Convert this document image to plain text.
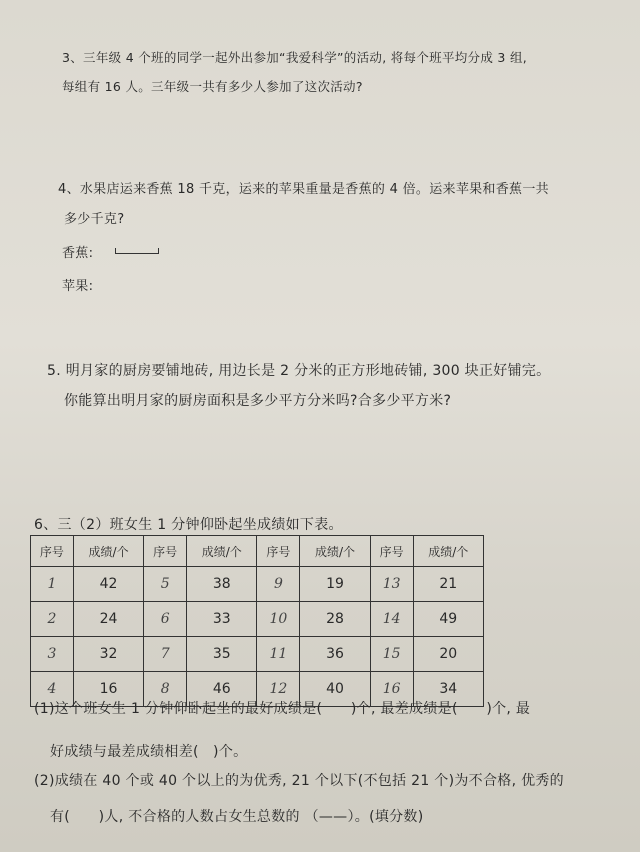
3、三年级 4 个班的同学一起外出参加“我爱科学”的活动, 将每个班平均分成 3 组,
每组有 16 人。三年级一共有多少人参加了这次活动?
4、水果店运来香蕉 18 千克，运来的苹果重量是香蕉的 4 倍。运来苹果和香蕉一共
多少千克?
香蕉:
苹果:
5. 明月家的厨房要铺地砖, 用边长是 2 分米的正方形地砖铺, 300 块正好铺完。
你能算出明月家的厨房面积是多少平方分米吗?合多少平方米?
6、三（2）班女生 1 分钟仰卧起坐成绩如下表。
序号	成绩/个	序号	成绩/个	序号	成绩/个	序号	成绩/个
1	42	5	38	9	19	13	21
2	24	6	33	10	28	14	49
3	32	7	35	11	36	15	20
4	16	8	46	12	40	16	34
(1)这个班女生 1 分钟仰卧起坐的最好成绩是(　　)个, 最差成绩是(　　)个, 最
好成绩与最差成绩相差(　)个。
(2)成绩在 40 个或 40 个以上的为优秀, 21 个以下(不包括 21 个)为不合格, 优秀的
有(　　)人, 不合格的人数占女生总数的 （——）。(填分数)
